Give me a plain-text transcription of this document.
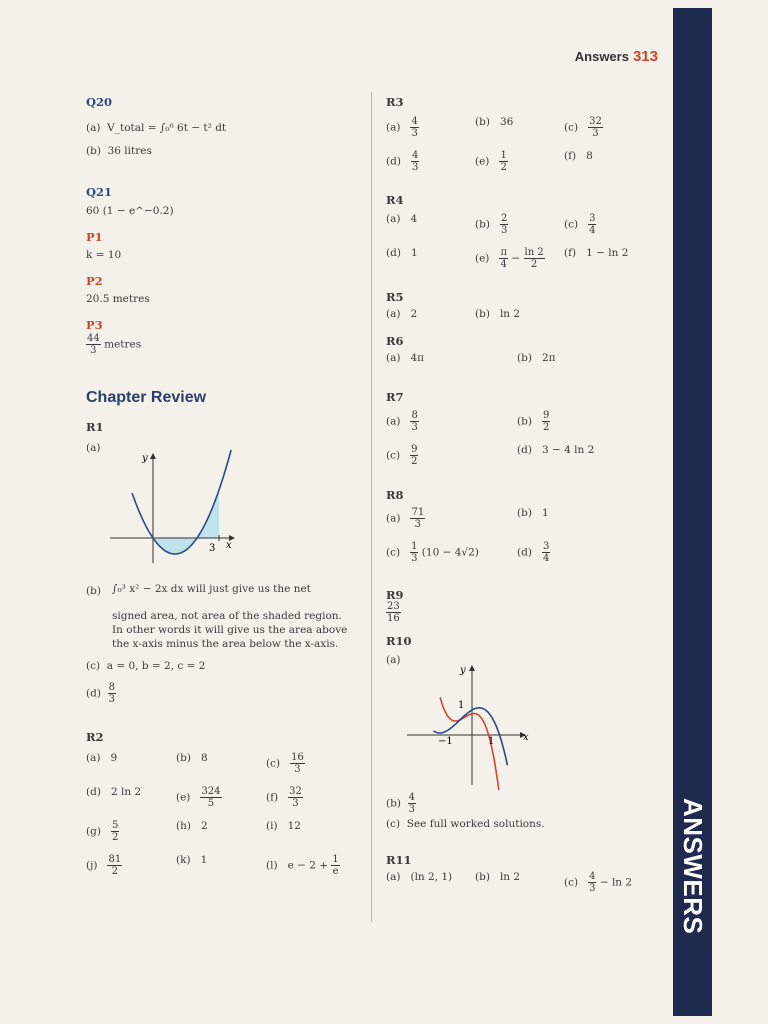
ANSWERS
Answers 313
Q20
(a) V_total = ∫₀⁶ 6t − t² dt
(b) 36 litres
Q21
60 (1 − e^−0.2)
P1
k = 10
P2
20.5 metres
P3
$\frac{44}{3}$ metres
Chapter Review
R1
(a)
y
x
3
(b) ∫₀³ x² − 2x dx will just give us the net
signed area, not area of the shaded region.
In other words it will give us the area above
the x-axis minus the area below the x-axis.
(c) a = 0, b = 2, c = 2
$(d) \frac{8}{3}$
R2
R3
R4
R5
R6
R7
R8
R9
$\frac{23}{16}$
R10
(a)
y
x
1
−1	1
$(b) \frac{4}{3}$
(c) See full worked solutions.
R11
(a) 9	(b) 8	$(c) \frac{16}{3}$
(d) 2 ln 2	$(e) \frac{324}{5}$	$(f) \frac{32}{3}$
$(g) \frac{5}{2}$	(h) 2	(i) 12
$(j) \frac{81}{2}$	(k) 1	(l) $e - 2 + \frac{1}{e}$
$(a) \frac{4}{3}$	(b) 36	$(c) \frac{32}{3}$
$(d) \frac{4}{3}$	$(e) \frac{1}{2}$	(f) 8
(a) 4	$(b) \frac{2}{3}$	$(c) \frac{3}{4}$
(d) 1	$(e) \frac{\pi}{4} - \frac{\ln 2}{2} (f) 1 - \ln 2$
(a) 2	(b) ln 2
(a) 4π	(b) 2π
$(a) \frac{8}{3}$	$(b) \frac{9}{2}$
$(c) \frac{9}{2}$	(d) 3 − 4 ln 2
$(a) \frac{71}{3}$	(b) 1
$(c) \frac{1}{3} (10 - 4√2)$	$(d) \frac{3}{4}$
(a) (ln 2, 1) (b) ln 2	$(c) \frac{4}{3} - \ln 2$
